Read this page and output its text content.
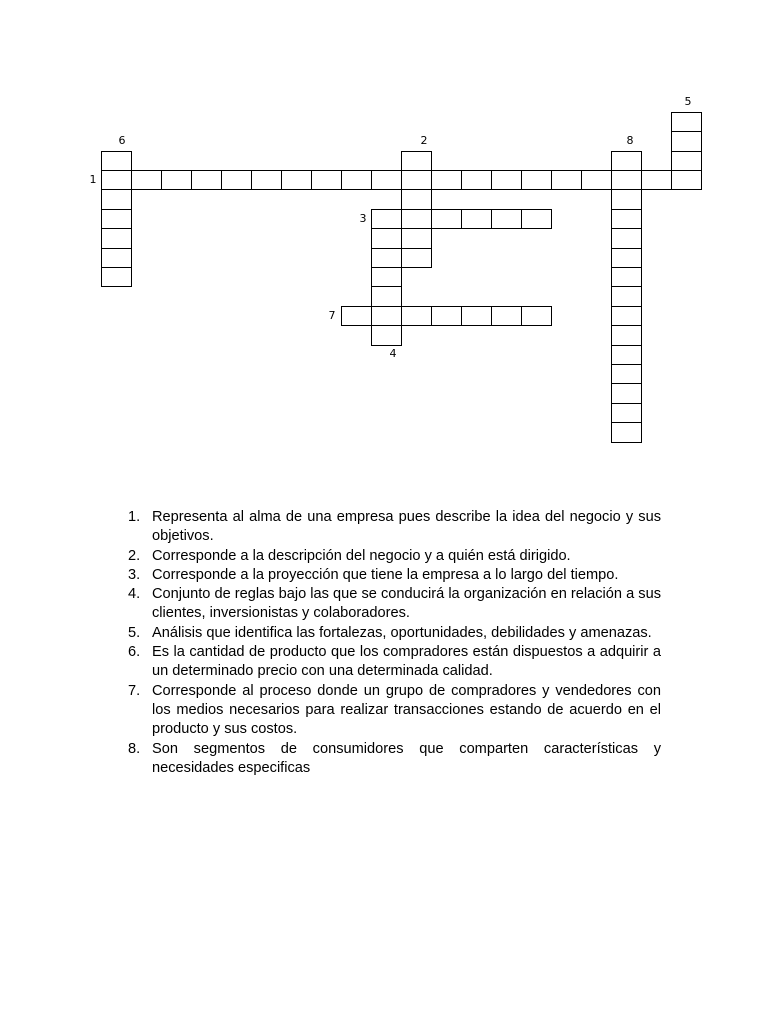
6	2	8
5
1
3
7
4
1. Representa al alma de una empresa pues describe la idea del negocio y sus objetivos.
2. Corresponde a la descripción del negocio y a quién está dirigido.
3. Corresponde a la proyección que tiene la empresa a lo largo del tiempo.
4. Conjunto de reglas bajo las que se conducirá la organización en relación a sus clientes, inversionistas y colaboradores.
5. Análisis que identifica las fortalezas, oportunidades, debilidades y amenazas.
6. Es la cantidad de producto que los compradores están dispuestos a adquirir a un determinado precio con una determinada calidad.
7. Corresponde al proceso donde un grupo de compradores y vendedores con los medios necesarios para realizar transacciones estando de acuerdo en el producto y sus costos.
8. Son segmentos de consumidores que comparten características y necesidades especificas
